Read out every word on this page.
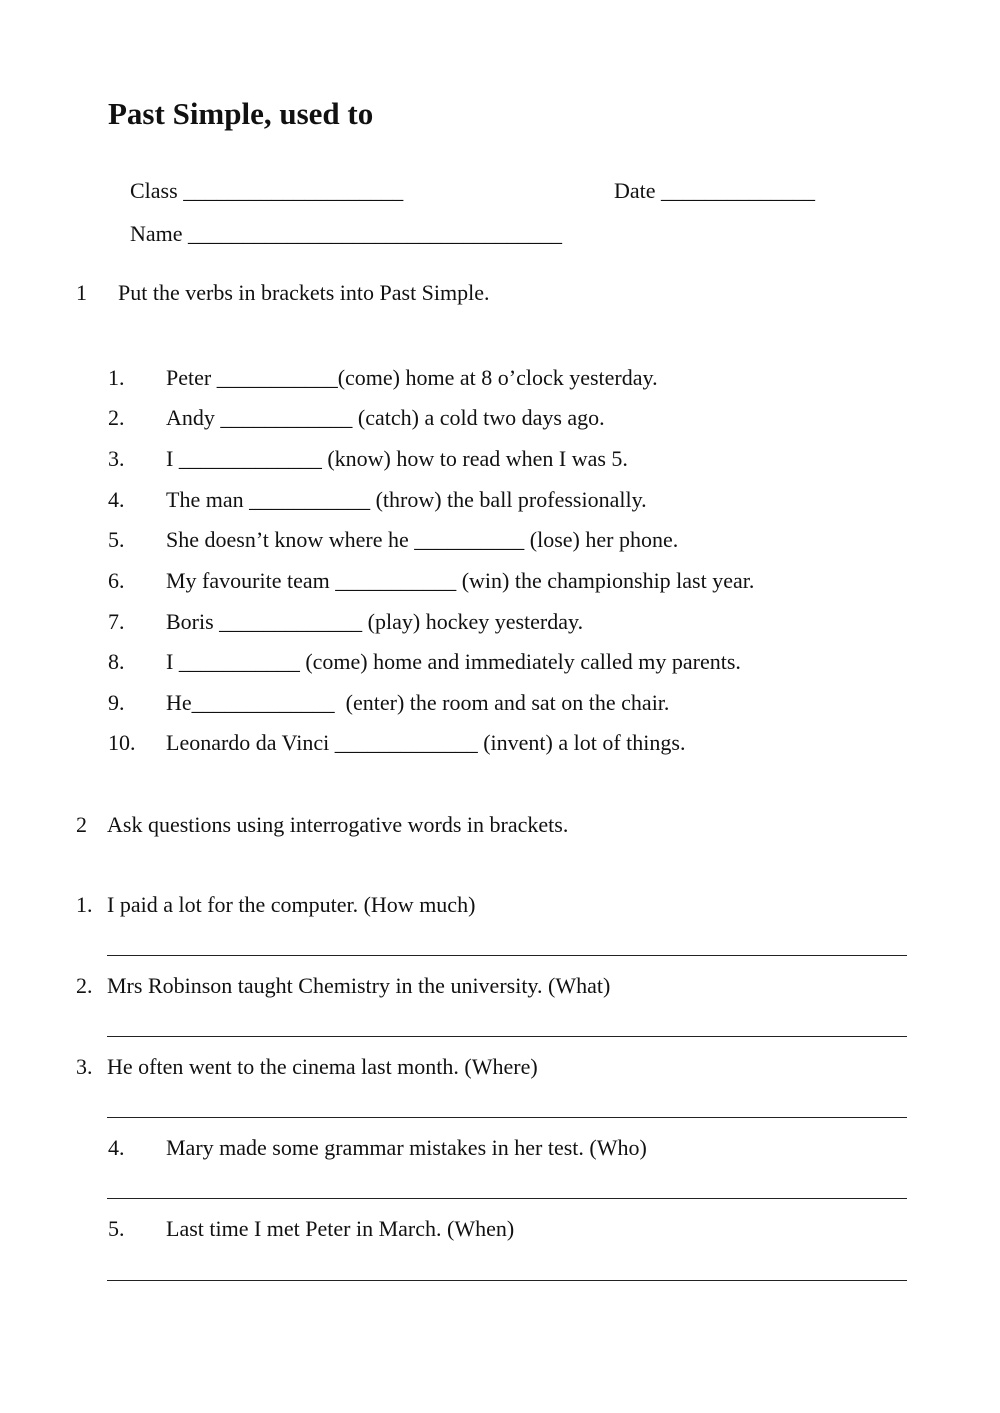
Past Simple, used to

Class ____________________
	Date ______________

Name __________________________________

1 Put the verbs in brackets into Past Simple.
1. Peter ___________(come) home at 8 o’clock yesterday.
2. Andy ____________ (catch) a cold two days ago.
3. I _____________ (know) how to read when I was 5.
4. The man ___________ (throw) the ball professionally.
5. She doesn’t know where he __________ (lose) her phone.
6. My favourite team ___________ (win) the championship last year.
7. Boris _____________ (play) hockey yesterday.
8. I ___________ (come) home and immediately called my parents.
9. He_____________  (enter) the room and sat on the chair.
10. Leonardo da Vinci _____________ (invent) a lot of things.
2 Ask questions using interrogative words in brackets.
1. I paid a lot for the computer. (How much)
2. Mrs Robinson taught Chemistry in the university. (What)
3. He often went to the cinema last month. (Where)
4. Mary made some grammar mistakes in her test. (Who)
5. Last time I met Peter in March. (When)
